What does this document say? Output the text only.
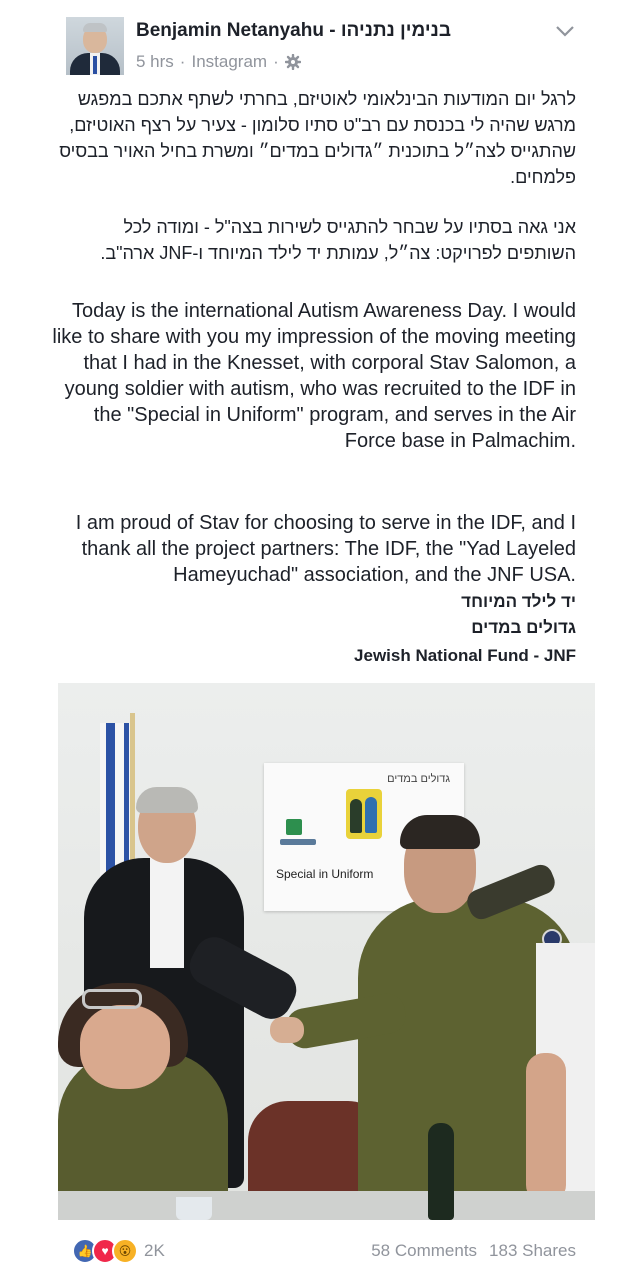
Benjamin Netanyahu - בנימין נתניהו
5 hrs · Instagram ·
לרגל יום המודעות הבינלאומי לאוטיזם, בחרתי לשתף אתכם במפגש מרגש שהיה לי בכנסת עם רב"ט סתיו סלומון - צעיר על רצף האוטיזם, שהתגייס לצה״ל בתוכנית ״גדולים במדים״ ומשרת בחיל האויר בבסיס פלמחים.
אני גאה בסתיו על שבחר להתגייס לשירות בצה"ל - ומודה לכל השותפים לפרויקט: צה״ל, עמותת יד לילד המיוחד ו-JNF ארה"ב.
Today is the international Autism Awareness Day. I would like to share with you my impression of the moving meeting that I had in the Knesset, with corporal Stav Salomon, a young soldier with autism, who was recruited to the IDF in the "Special in Uniform" program, and serves in the Air Force base in Palmachim.
I am proud of Stav for choosing to serve in the IDF, and I thank all the project partners: The IDF, the "Yad Layeled Hameyuchad" association, and the JNF USA.
יד לילד המיוחד
גדולים במדים
Jewish National Fund - JNF
גדולים במדים
Special in Uniform
👍 ♥ 😮 2K	58 Comments 183 Shares
